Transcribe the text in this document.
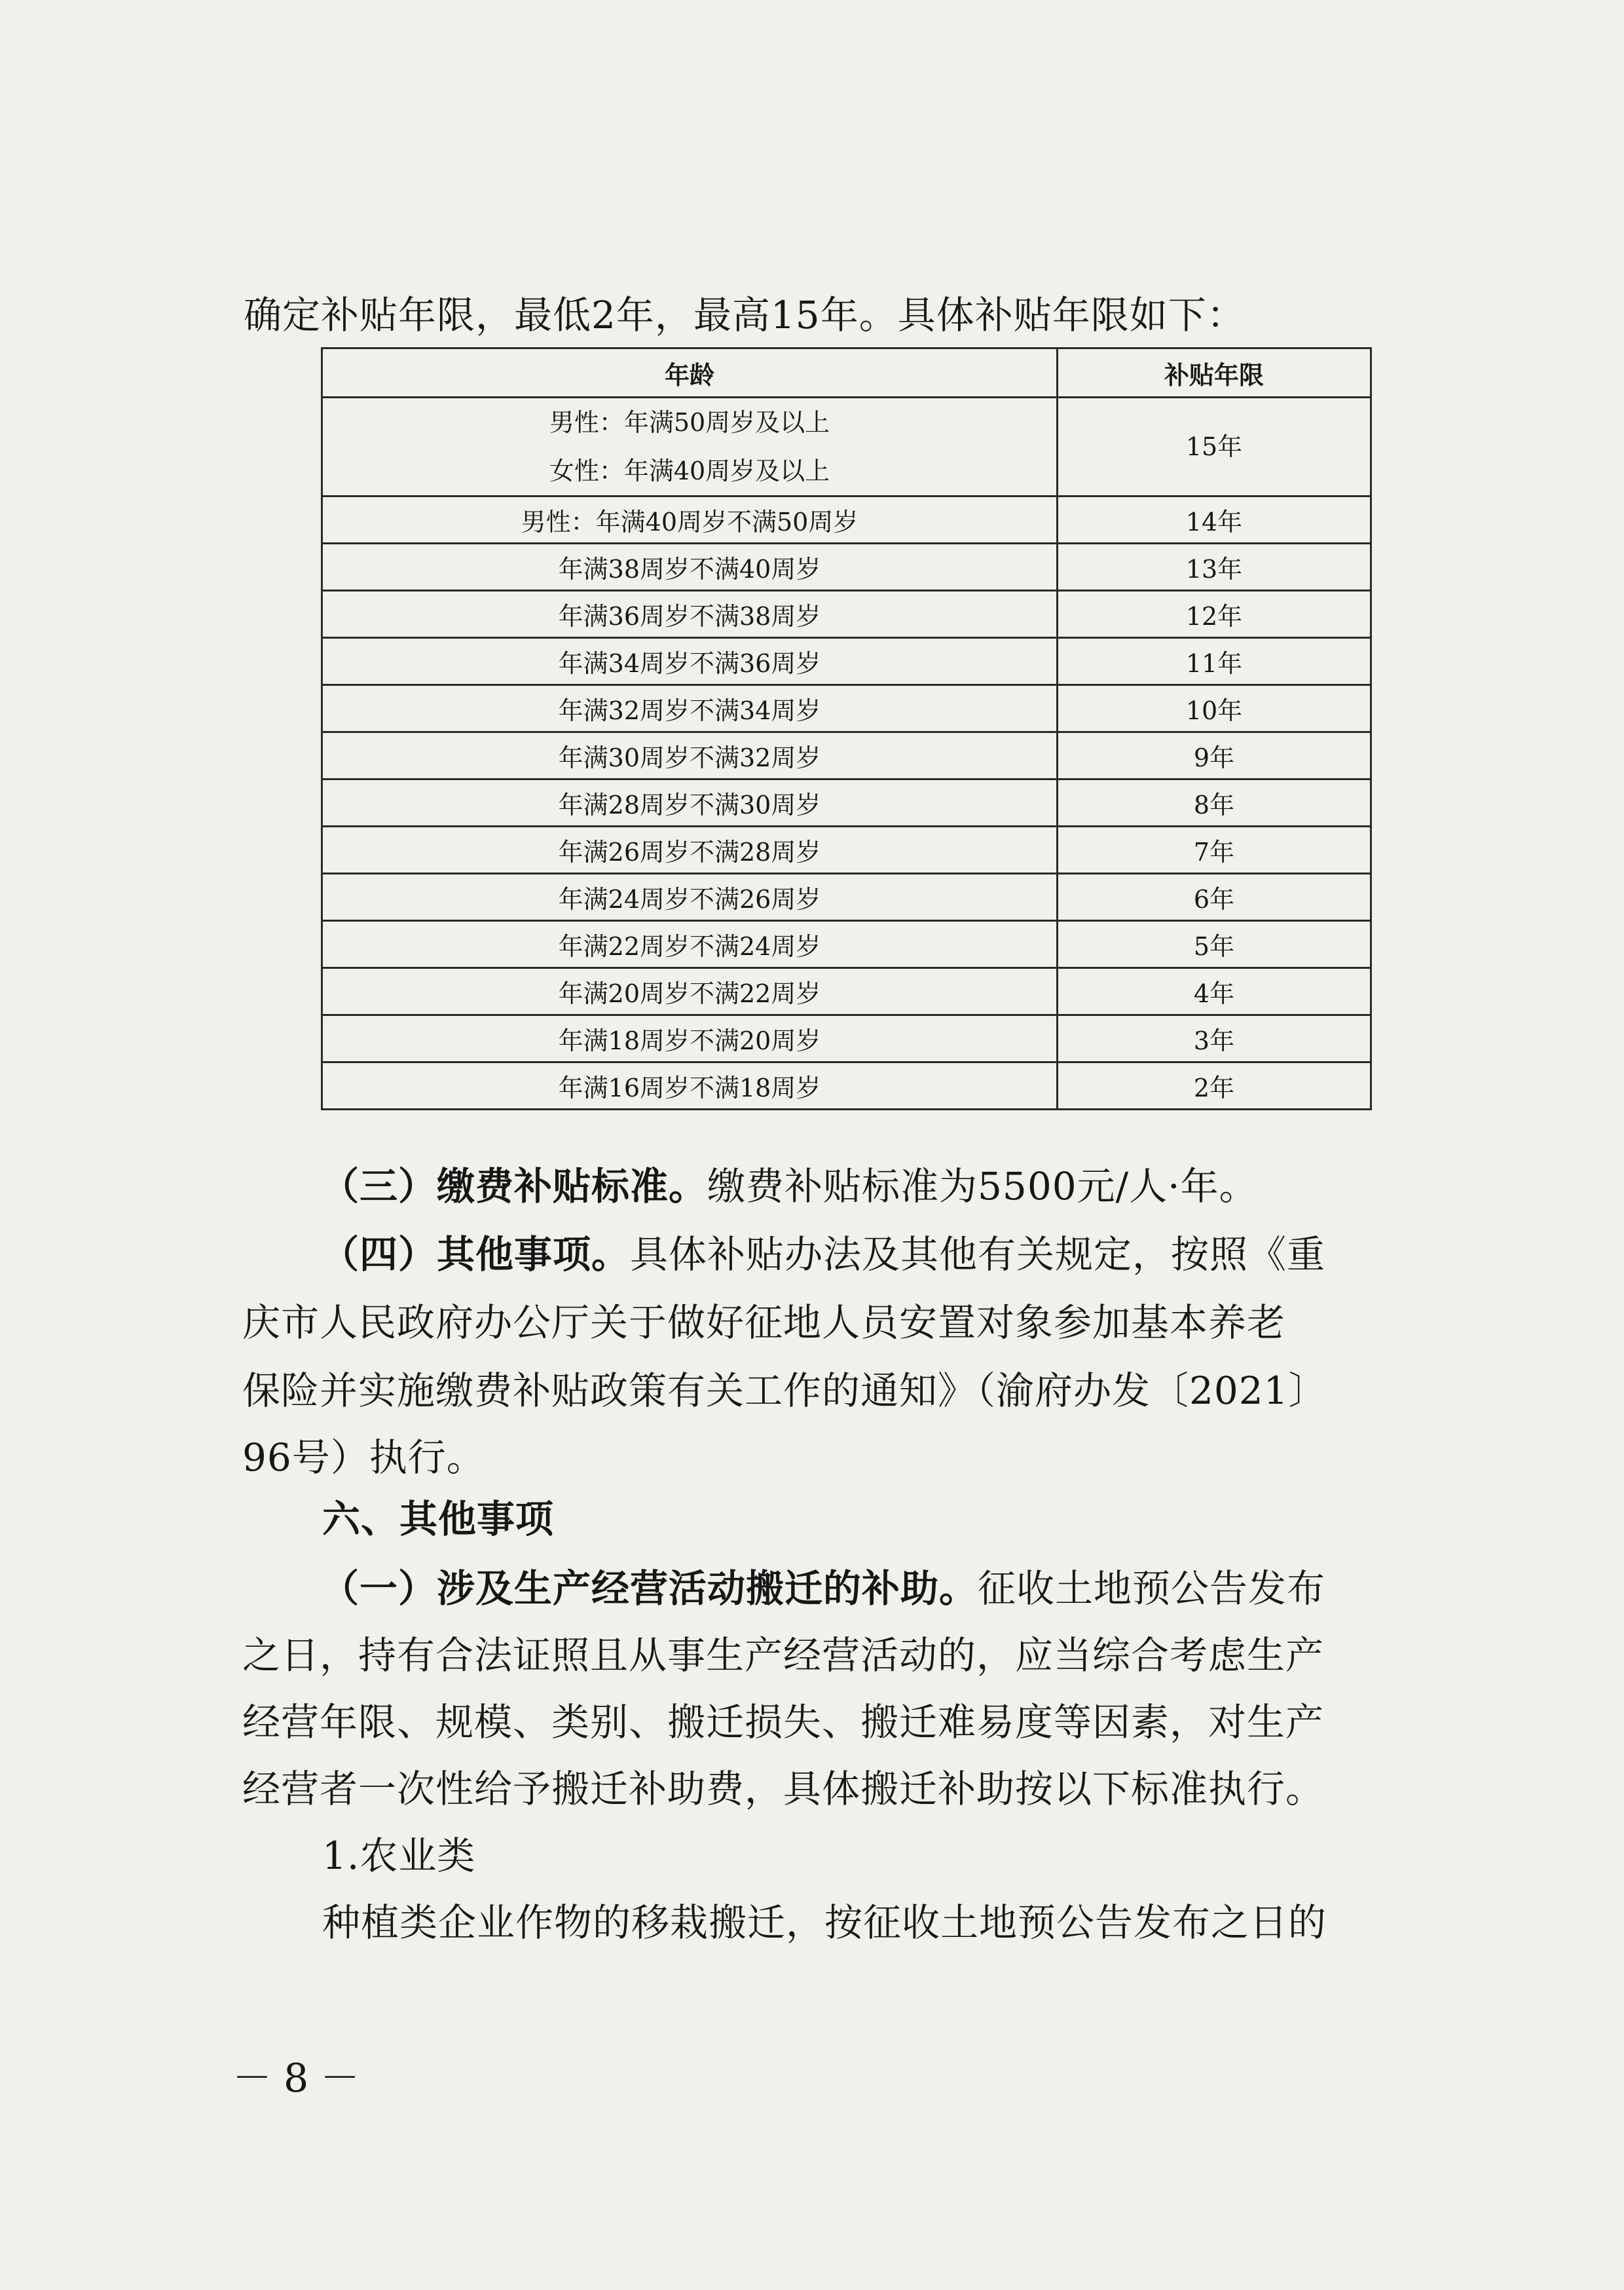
确定补贴年限，最低2年，最高15年。具体补贴年限如下：
年龄	补贴年限

男性：年满50周岁及以上
女性：年满40周岁及以上	15年
男性：年满40周岁不满50周岁	14年
年满38周岁不满40周岁	13年
年满36周岁不满38周岁	12年
年满34周岁不满36周岁	11年
年满32周岁不满34周岁	10年
年满30周岁不满32周岁	9年
年满28周岁不满30周岁	8年
年满26周岁不满28周岁	7年
年满24周岁不满26周岁	6年
年满22周岁不满24周岁	5年
年满20周岁不满22周岁	4年
年满18周岁不满20周岁	3年
年满16周岁不满18周岁	2年
（三）缴费补贴标准。缴费补贴标准为5500元/人·年。
（四）其他事项。具体补贴办法及其他有关规定，按照《重
庆市人民政府办公厅关于做好征地人员安置对象参加基本养老
保险并实施缴费补贴政策有关工作的通知》（渝府办发〔2021〕
96号）执行。
六、其他事项
（一）涉及生产经营活动搬迁的补助。征收土地预公告发布
之日，持有合法证照且从事生产经营活动的，应当综合考虑生产
经营年限、规模、类别、搬迁损失、搬迁难易度等因素，对生产
经营者一次性给予搬迁补助费，具体搬迁补助按以下标准执行。
1.农业类
种植类企业作物的移栽搬迁，按征收土地预公告发布之日的
－8－
